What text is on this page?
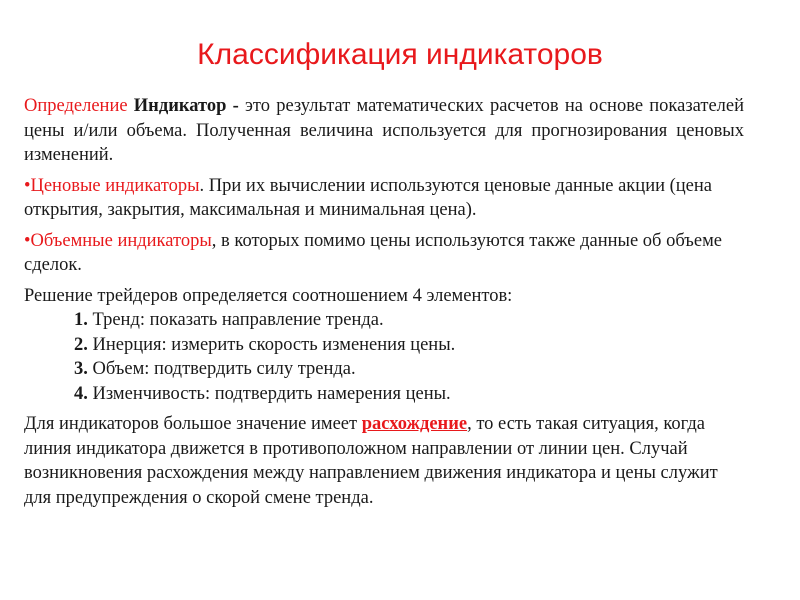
Классификация индикаторов

Определение Индикатор - это результат математических расчетов на основе показателей цены и/или объема. Полученная величина используется для прогнозирования ценовых изменений.

•Ценовые индикаторы. При их вычислении используются ценовые данные акции (цена открытия, закрытия, максимальная и минимальная цена).

•Объемные индикаторы, в которых помимо цены используются также данные об объеме сделок.

Решение трейдеров определяется соотношением 4 элементов:

1. Тренд: показать направление тренда.
2. Инерция: измерить скорость изменения цены.
3. Объем: подтвердить силу тренда.
4. Изменчивость: подтвердить намерения цены.

Для индикаторов большое значение имеет расхождение, то есть такая ситуация, когда линия индикатора движется в противоположном направлении от линии цен. Случай возникновения расхождения между направлением движения индикатора и цены служит для предупреждения о скорой смене тренда.
